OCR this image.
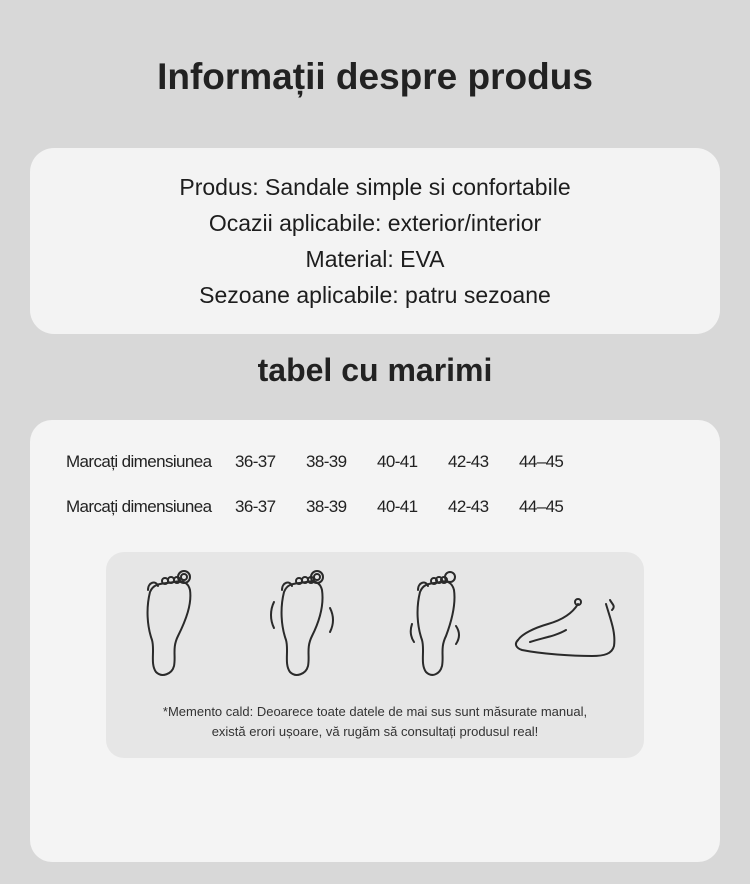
Informații despre produs
Produs: Sandale simple si confortabile
Ocazii aplicabile: exterior/interior
Material: EVA
Sezoane aplicabile: patru sezoane
tabel cu marimi
Marcați dimensiunea	36-37	38-39	40-41	42-43	44–45
Marcați dimensiunea	36-37	38-39	40-41	42-43	44–45
*Memento cald: Deoarece toate datele de mai sus sunt măsurate manual,
există erori ușoare, vă rugăm să consultați produsul real!
